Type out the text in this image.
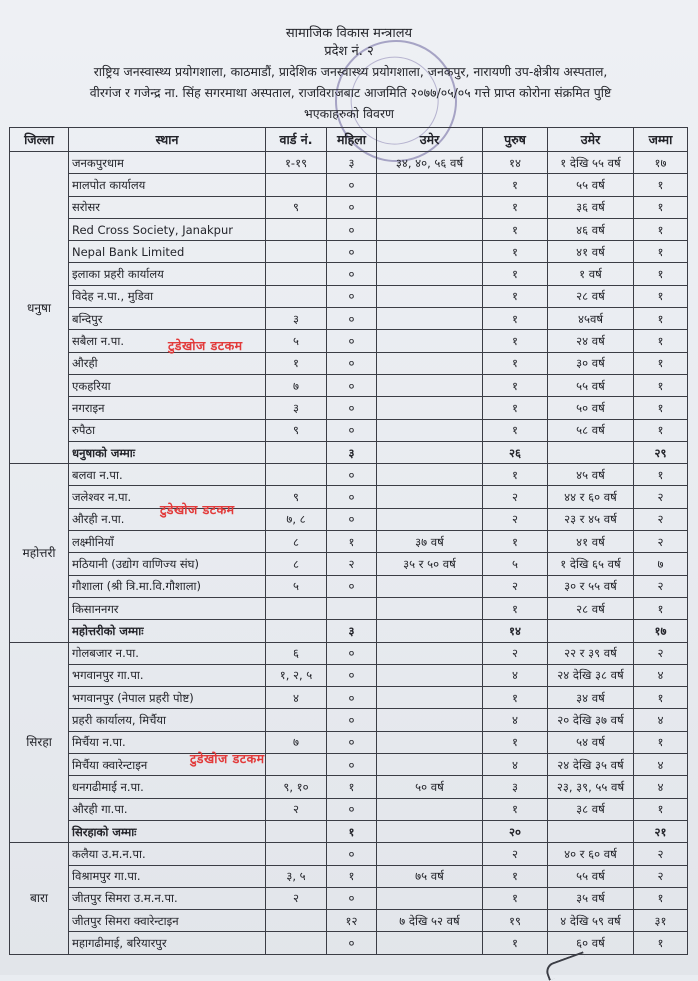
सामाजिक विकास मन्त्रालय
प्रदेश नं. २
राष्ट्रिय जनस्वास्थ्य प्रयोगशाला, काठमाडौं, प्रादेशिक जनस्वास्थ्य प्रयोगशाला, जनकपुर, नारायणी उप-क्षेत्रीय अस्पताल,
वीरगंज र गजेन्द्र ना. सिंह सगरमाथा अस्पताल, राजविराजबाट आजमिति २०७७/०५/०५ गत्ते प्राप्त कोरोना संक्रमित पुष्टि
भएकाहरुको विवरण
जिल्ला	स्थान	वार्ड नं.	महिला	उमेर	पुरुष	उमेर	जम्मा
धनुषा	जनकपुरधाम	१-१९	३	३४, ४०, ५६ वर्ष	१४	१ देखि ५५ वर्ष	१७
	मालपोत कार्यालय		०		१	५५ वर्ष	१
	सरोसर	९	०		१	३६ वर्ष	१
	Red Cross Society, Janakpur		०		१	४६ वर्ष	१
	Nepal Bank Limited		०		१	४१ वर्ष	१
	इलाका प्रहरी कार्यालय		०		१	१ वर्ष	१
	विदेह न.पा., मुडिवा		०		१	२८ वर्ष	१
	बन्दिपुर	३	०		१	४५वर्ष	१
	सबैला न.पा.	५	०		१	२४ वर्ष	१
	औरही	१	०		१	३० वर्ष	१
	एकहरिया	७	०		१	५५ वर्ष	१
	नगराइन	३	०		१	५० वर्ष	१
	रुपैठा	९	०		१	५८ वर्ष	१
	धनुषाको जम्माः		३		२६		२९
महोत्तरी	बलवा न.पा.		०		१	४५ वर्ष	१
	जलेश्वर न.पा.	९	०		२	४४ र ६० वर्ष	२
	औरही न.पा.	७, ८	०		२	२३ र ४५ वर्ष	२
	लक्ष्मीनियाँ	८	१	३७ वर्ष	१	४१ वर्ष	२
	मठियानी (उद्योग वाणिज्य संघ)	८	२	३५ र ५० वर्ष	५	१ देखि ६५ वर्ष	७
	गौशाला (श्री त्रि.मा.वि.गौशाला)	५	०		२	३० र ५५ वर्ष	२
	किसाननगर				१	२८ वर्ष	१
	महोत्तरीको जम्माः		३		१४		१७
सिरहा	गोलबजार न.पा.	६	०		२	२२ र ३९ वर्ष	२
	भगवानपुर गा.पा.	१, २, ५	०		४	२४ देखि ३८ वर्ष	४
	भगवानपुर (नेपाल प्रहरी पोष्ट)	४	०		१	३४ वर्ष	१
	प्रहरी कार्यालय, मिर्चैया		०		४	२० देखि ३७ वर्ष	४
	मिर्चैया न.पा.	७	०		१	५४ वर्ष	१
	मिर्चैया क्वारेन्टाइन		०		४	२४ देखि ३५ वर्ष	४
	धनगढीमाई न.पा.	९, १०	१	५० वर्ष	३	२३, ३९, ५५ वर्ष	४
	औरही गा.पा.	२	०		१	३८ वर्ष	१
	सिरहाको जम्माः		१		२०		२१
बारा	कलैया उ.म.न.पा.		०		२	४० र ६० वर्ष	२
	विश्रामपुर गा.पा.	३, ५	१	७५ वर्ष	१	५५ वर्ष	२
	जीतपुर सिमरा उ.म.न.पा.	२	०		१	३५ वर्ष	१
	जीतपुर सिमरा क्वारेन्टाइन		१२	७ देखि ५२ वर्ष	१९	४ देखि ५९ वर्ष	३१
	महागढीमाई, बरियारपुर		०		१	६० वर्ष	१
टुडेखोज डटकम
टुडेखोज डटकम
टुडेखोज डटकम
